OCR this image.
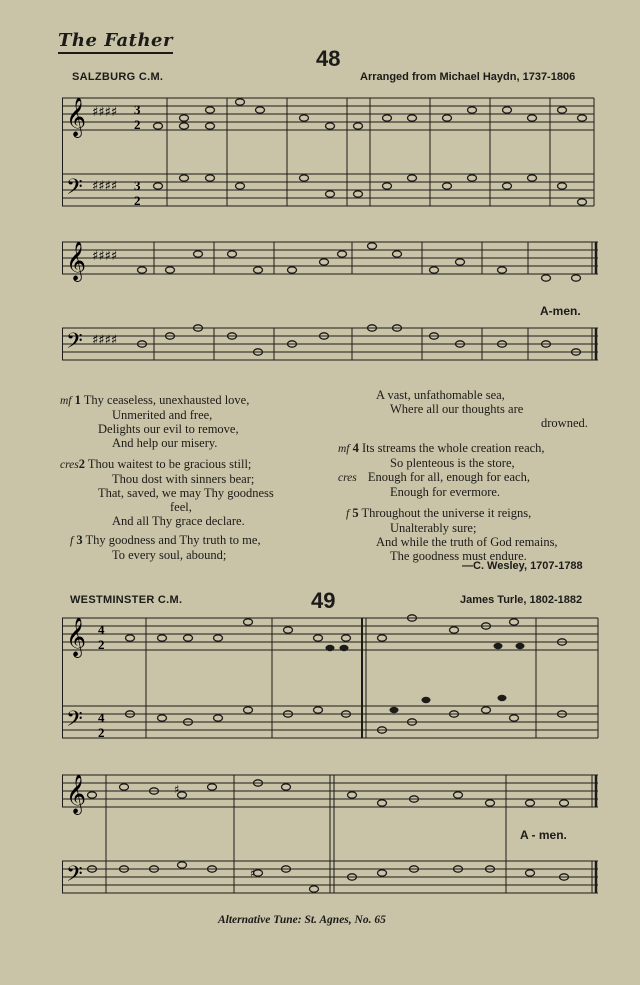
The Father
48
SALZBURG C.M.	Arranged from Michael Haydn, 1737-1806
𝄞
𝄢
♯♯♯♯
♯♯♯♯
3
2
3
2
𝄞
𝄢
♯♯♯♯
♯♯♯♯
A-men.
mf 1 Thy ceaseless, unexhausted love,
Unmerited and free,
Delights our evil to remove,
And help our misery.
cres2 Thou waitest to be gracious still;
Thou dost with sinners bear;
That, saved, we may Thy goodness
feel,
And all Thy grace declare.
f 3 Thy goodness and Thy truth to me,
To every soul, abound;
A vast, unfathomable sea,
Where all our thoughts are
drowned.
mf 4 Its streams the whole creation reach,
So plenteous is the store,
cres Enough for all, enough for each,
Enough for evermore.
f 5 Throughout the universe it reigns,
Unalterably sure;
And while the truth of God remains,
The goodness must endure.
—C. Wesley, 1707-1788
WESTMINSTER C.M.	49	James Turle, 1802-1882
𝄞
𝄢
4
2
4
2
𝄞
𝄢
♯
♯
A - men.
Alternative Tune: St. Agnes, No. 65
